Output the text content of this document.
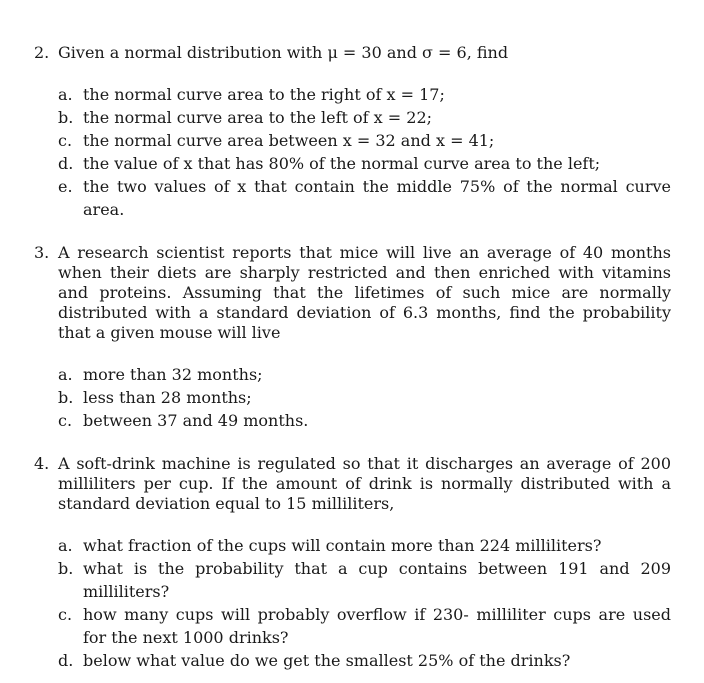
2. Given a normal distribution with μ = 30 and σ = 6, find
a. the normal curve area to the right of x = 17;
b. the normal curve area to the left of x = 22;
c. the normal curve area between x = 32 and x = 41;
d. the value of x that has 80% of the normal curve area to the left;
e. the two values of x that contain the middle 75% of the normal curve
area.
3. A research scientist reports that mice will live an average of 40 months when their diets are sharply restricted and then enriched with vitamins and proteins. Assuming that the lifetimes of such mice are normally distributed with a standard deviation of 6.3 months, find the probability that a given mouse will live
a. more than 32 months;
b. less than 28 months;
c. between 37 and 49 months.
4. A soft-drink machine is regulated so that it discharges an average of 200 milliliters per cup. If the amount of drink is normally distributed with a standard deviation equal to 15 milliliters,
a. what fraction of the cups will contain more than 224 milliliters?
b. what is the probability that a cup contains between 191 and 209
milliliters?
c. how many cups will probably overflow if 230- milliliter cups are used
for the next 1000 drinks?
d. below what value do we get the smallest 25% of the drinks?
